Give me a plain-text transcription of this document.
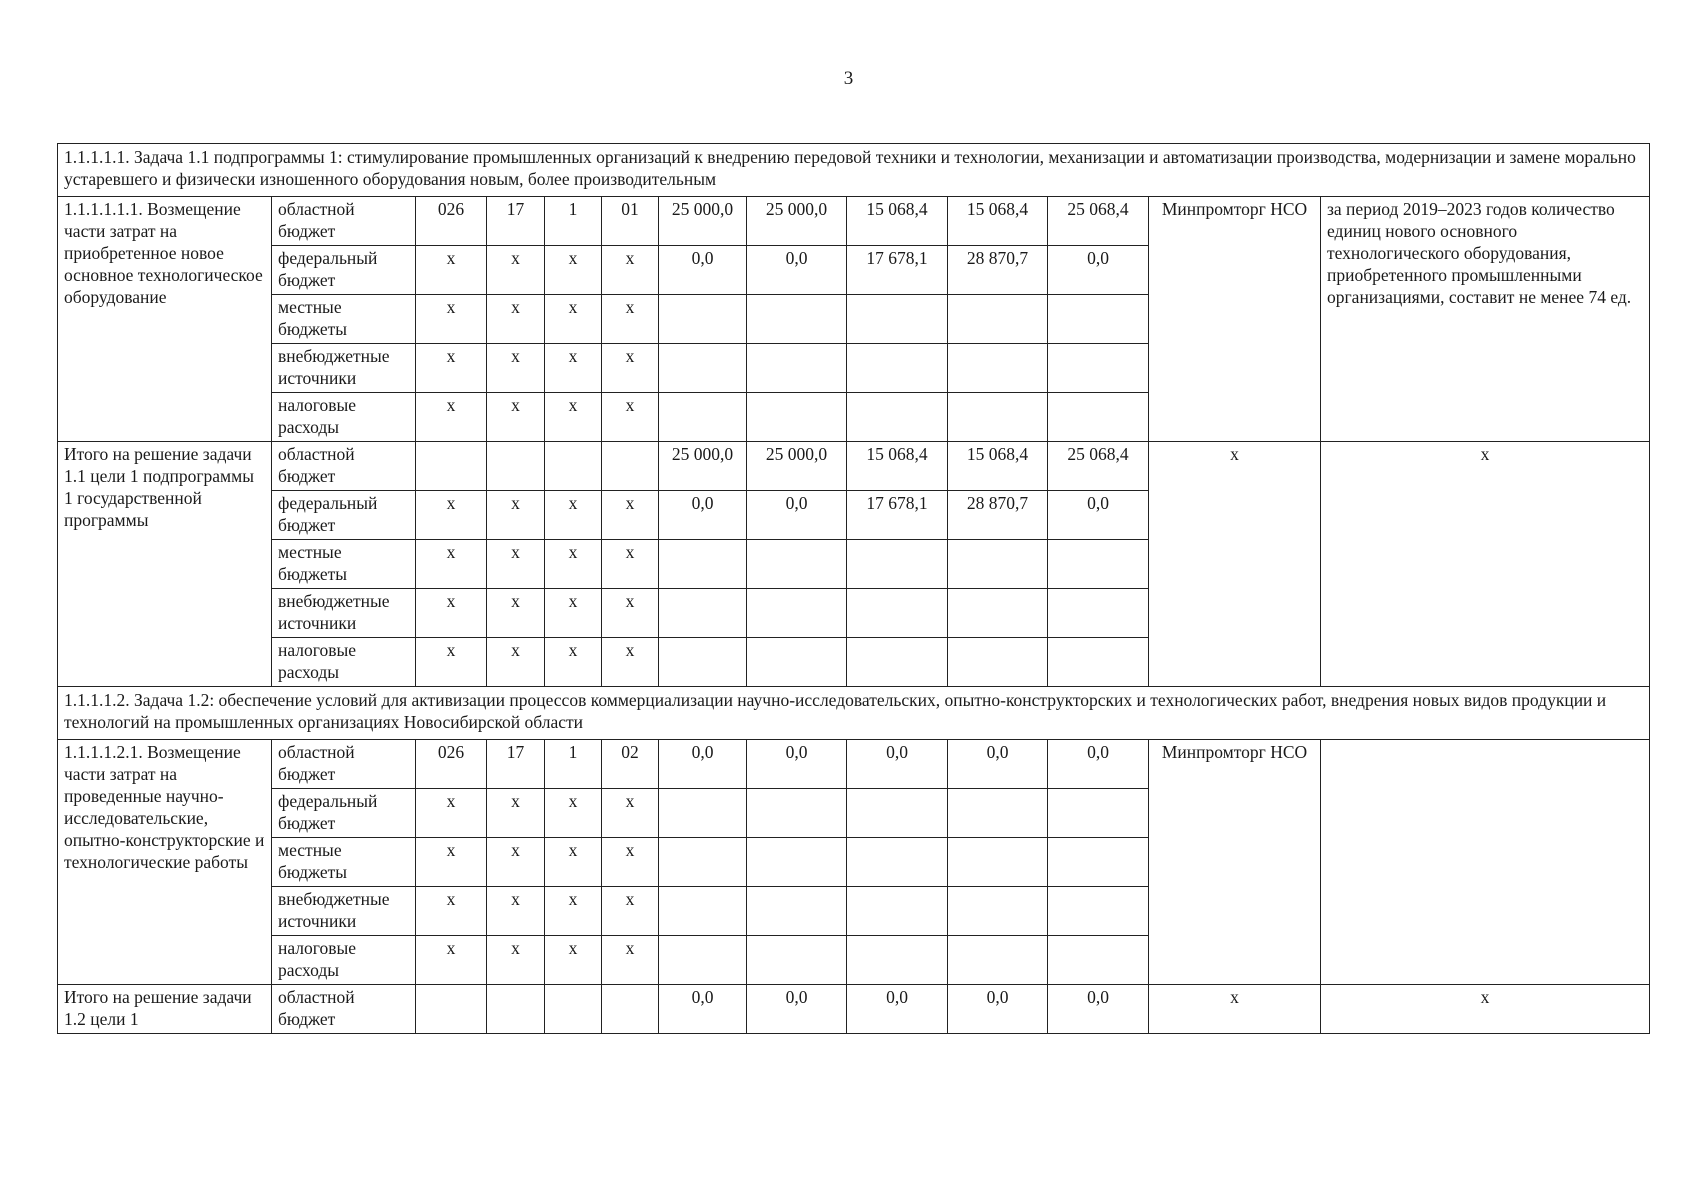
3
1.1.1.1.1. Задача 1.1 подпрограммы 1: стимулирование промышленных организаций к внедрению передовой техники и технологии, механизации и автоматизации производства, модернизации и замене морально устаревшего и физически изношенного оборудования новым, более производительным												
1.1.1.1.1.1. Возмещение части затрат на приобретенное новое основное технологическое оборудование	областной бюджет	026	17	1	01	25 000,0	25 000,0	15 068,4	15 068,4	25 068,4	Минпромторг НСО	за период 2019–2023 годов количество единиц нового основного технологического оборудования, приобретенного промышленными организациями, составит не менее 74 ед.
	федеральный бюджет	х	х	х	х	0,0	0,0	17 678,1	28 870,7	0,0		
	местные бюджеты	х	х	х	х							
	внебюджетные источники	х	х	х	х							
	налоговые расходы	х	х	х	х							
Итого на решение задачи 1.1 цели 1 подпрограммы 1 государственной программы	областной бюджет					25 000,0	25 000,0	15 068,4	15 068,4	25 068,4	х	х
	федеральный бюджет	х	х	х	х	0,0	0,0	17 678,1	28 870,7	0,0		
	местные бюджеты	х	х	х	х							
	внебюджетные источники	х	х	х	х							
	налоговые расходы	х	х	х	х							
1.1.1.1.2. Задача 1.2: обеспечение условий для активизации процессов коммерциализации научно-исследовательских, опытно-конструкторских и технологических работ, внедрения новых видов продукции и технологий на промышленных организациях Новосибирской области												
1.1.1.1.2.1. Возмещение части затрат на проведенные научно-исследовательские, опытно-конструкторские и технологические работы	областной бюджет	026	17	1	02	0,0	0,0	0,0	0,0	0,0	Минпромторг НСО	
	федеральный бюджет	х	х	х	х							
	местные бюджеты	х	х	х	х							
	внебюджетные источники	х	х	х	х							
	налоговые расходы	х	х	х	х							
Итого на решение задачи 1.2 цели 1	областной бюджет					0,0	0,0	0,0	0,0	0,0	х	х
